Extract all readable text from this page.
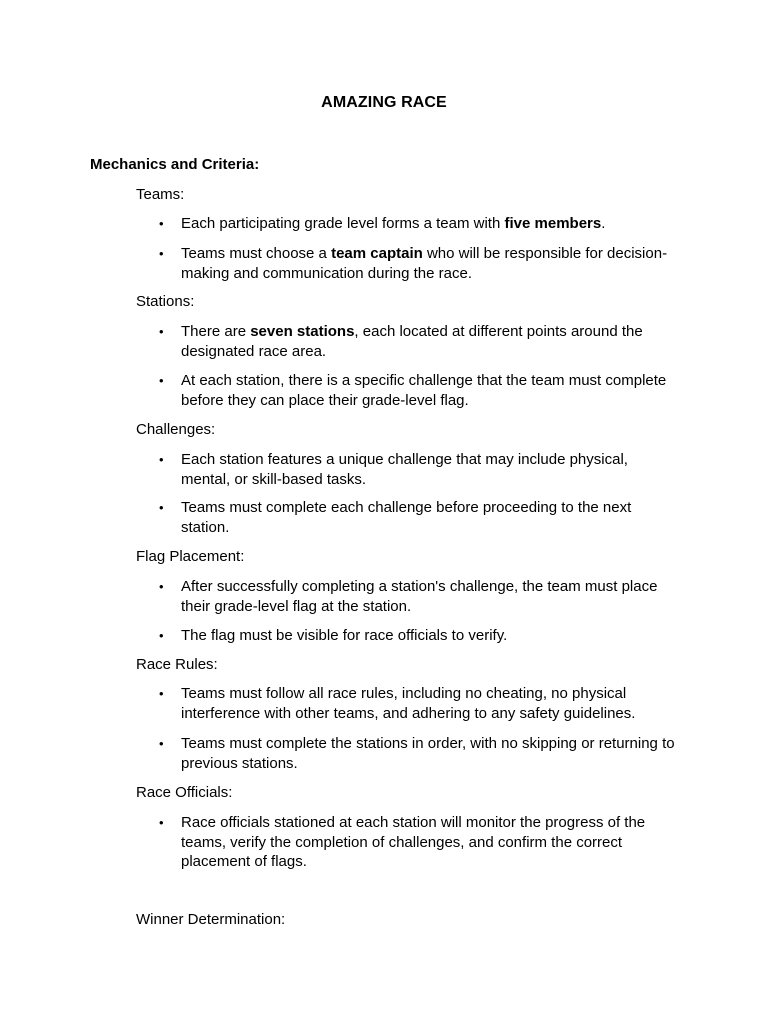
AMAZING RACE
Mechanics and Criteria:
Teams:
•	Each participating grade level forms a team with five members.
•	Teams must choose a team captain who will be responsible for decision-making and communication during the race.
Stations:
•	There are seven stations, each located at different points around the designated race area.
•	At each station, there is a specific challenge that the team must complete before they can place their grade-level flag.
Challenges:
•	Each station features a unique challenge that may include physical, mental, or skill-based tasks.
•	Teams must complete each challenge before proceeding to the next station.
Flag Placement:
•	After successfully completing a station's challenge, the team must place their grade-level flag at the station.
•	The flag must be visible for race officials to verify.
Race Rules:
•	Teams must follow all race rules, including no cheating, no physical interference with other teams, and adhering to any safety guidelines.
•	Teams must complete the stations in order, with no skipping or returning to previous stations.
Race Officials:
•	Race officials stationed at each station will monitor the progress of the teams, verify the completion of challenges, and confirm the correct placement of flags.
Winner Determination:
